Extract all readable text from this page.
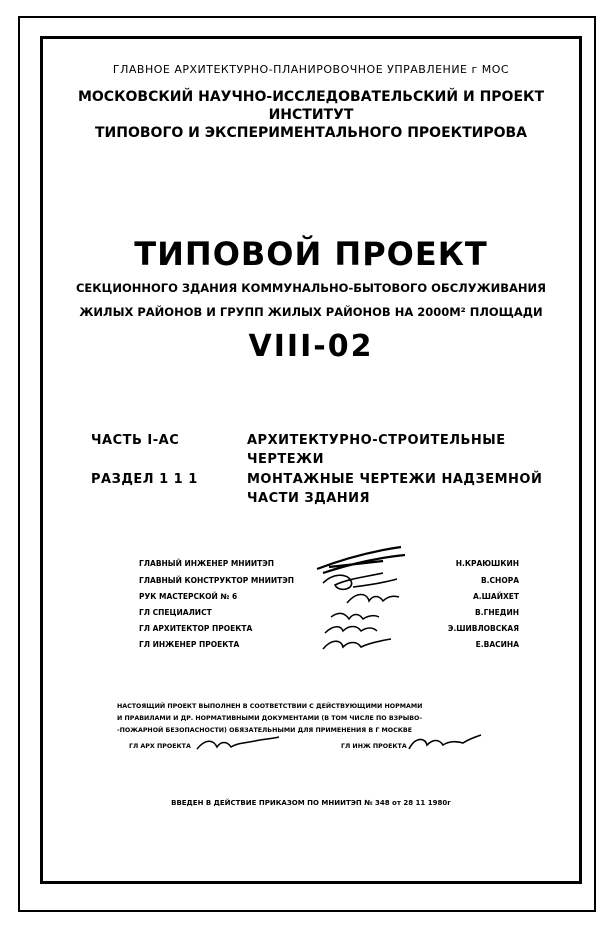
ГЛАВНОЕ АРХИТЕКТУРНО-ПЛАНИРОВОЧНОЕ УПРАВЛЕНИЕ г МОС
МОСКОВСКИЙ НАУЧНО-ИССЛЕДОВАТЕЛЬСКИЙ И ПРОЕКТ
ИНСТИТУТ
ТИПОВОГО И ЭКСПЕРИМЕНТАЛЬНОГО ПРОЕКТИРОВА
ТИПОВОЙ ПРОЕКТ
СЕКЦИОННОГО ЗДАНИЯ КОММУНАЛЬНО-БЫТОВОГО ОБСЛУЖИВАНИЯ
ЖИЛЫХ РАЙОНОВ И ГРУПП ЖИЛЫХ РАЙОНОВ НА 2000М² ПЛОЩАДИ
VIII-02
ЧАСТЬ I-АС	АРХИТЕКТУРНО-СТРОИТЕЛЬНЫЕ
ЧЕРТЕЖИ
РАЗДЕЛ 1 1 1	МОНТАЖНЫЕ ЧЕРТЕЖИ НАДЗЕМНОЙ
ЧАСТИ ЗДАНИЯ
ГЛАВНЫЙ ИНЖЕНЕР МНИИТЭП	Н.КРАЮШКИН
ГЛАВНЫЙ КОНСТРУКТОР МНИИТЭП	В.СНОРА
РУК МАСТЕРСКОЙ № 6	А.ШАЙХЕТ
ГЛ СПЕЦИАЛИСТ	В.ГНЕДИН
ГЛ АРХИТЕКТОР ПРОЕКТА	Э.ШИВЛОВСКАЯ
ГЛ ИНЖЕНЕР ПРОЕКТА	Е.ВАСИНА
НАСТОЯЩИЙ ПРОЕКТ ВЫПОЛНЕН В СООТВЕТСТВИИ С ДЕЙСТВУЮЩИМИ НОРМАМИ
И ПРАВИЛАМИ И ДР. НОРМАТИВНЫМИ ДОКУМЕНТАМИ (В ТОМ ЧИСЛЕ ПО ВЗРЫВО-
-ПОЖАРНОЙ БЕЗОПАСНОСТИ) ОБЯЗАТЕЛЬНЫМИ ДЛЯ ПРИМЕНЕНИЯ В Г МОСКВЕ
ГЛ АРХ ПРОЕКТА	ГЛ ИНЖ ПРОЕКТА
ВВЕДЕН В ДЕЙСТВИЕ ПРИКАЗОМ ПО МНИИТЭП № 348 от 28 11 1980г
